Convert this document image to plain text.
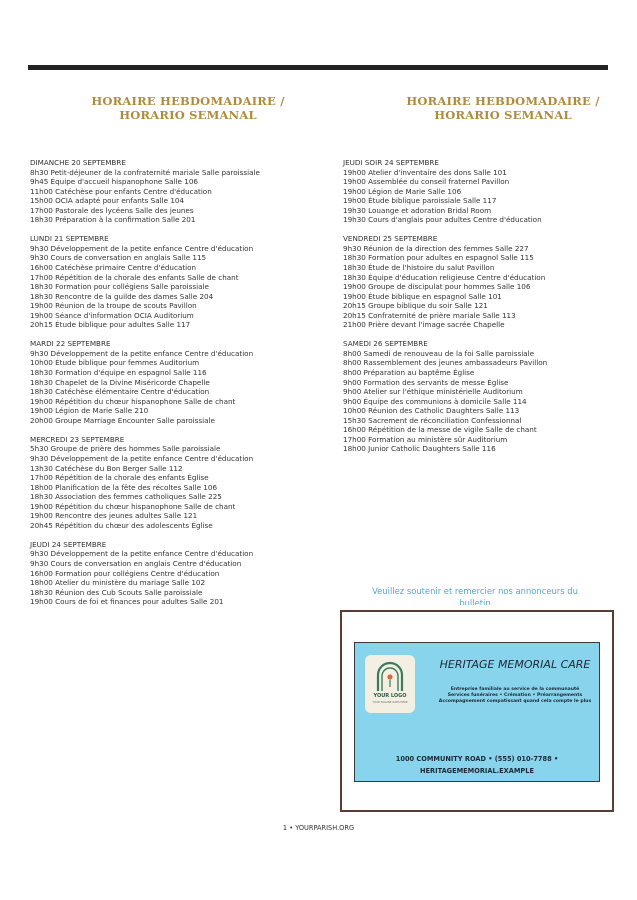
HORAIRE HEBDOMADAIRE / HORARIO SEMANAL
HORAIRE HEBDOMADAIRE / HORARIO SEMANAL
DIMANCHE 20 SEPTEMBRE
8h30 Petit-déjeuner de la confraternité mariale Salle paroissiale
9h45 Équipe d'accueil hispanophone Salle 106
11h00 Catéchèse pour enfants Centre d'éducation
15h00 OCIA adapté pour enfants Salle 104
17h00 Pastorale des lycéens Salle des jeunes
18h30 Préparation à la confirmation Salle 201
LUNDI 21 SEPTEMBRE
9h30 Développement de la petite enfance Centre d'éducation
9h30 Cours de conversation en anglais Salle 115
16h00 Catéchèse primaire Centre d'éducation
17h00 Répétition de la chorale des enfants Salle de chant
18h30 Formation pour collégiens Salle paroissiale
18h30 Rencontre de la guilde des dames Salle 204
19h00 Réunion de la troupe de scouts Pavillon
19h00 Séance d'information OCIA Auditorium
20h15 Étude biblique pour adultes Salle 117
MARDI 22 SEPTEMBRE
9h30 Développement de la petite enfance Centre d'éducation
10h00 Étude biblique pour femmes Auditorium
18h30 Formation d'équipe en espagnol Salle 116
18h30 Chapelet de la Divine Miséricorde Chapelle
18h30 Catéchèse élémentaire Centre d'éducation
19h00 Répétition du chœur hispanophone Salle de chant
19h00 Légion de Marie Salle 210
20h00 Groupe Marriage Encounter Salle paroissiale
MERCREDI 23 SEPTEMBRE
5h30 Groupe de prière des hommes Salle paroissiale
9h30 Développement de la petite enfance Centre d'éducation
13h30 Catéchèse du Bon Berger Salle 112
17h00 Répétition de la chorale des enfants Église
18h00 Planification de la fête des récoltes Salle 106
18h30 Association des femmes catholiques Salle 225
19h00 Répétition du chœur hispanophone Salle de chant
19h00 Rencontre des jeunes adultes Salle 121
20h45 Répétition du chœur des adolescents Église
JEUDI 24 SEPTEMBRE
9h30 Développement de la petite enfance Centre d'éducation
9h30 Cours de conversation en anglais Centre d'éducation
16h00 Formation pour collégiens Centre d'éducation
18h00 Atelier du ministère du mariage Salle 102
18h30 Réunion des Cub Scouts Salle paroissiale
19h00 Cours de foi et finances pour adultes Salle 201
JEUDI SOIR 24 SEPTEMBRE
19h00 Atelier d'inventaire des dons Salle 101
19h00 Assemblée du conseil fraternel Pavillon
19h00 Légion de Marie Salle 106
19h00 Étude biblique paroissiale Salle 117
19h30 Louange et adoration Bridal Room
19h30 Cours d'anglais pour adultes Centre d'éducation
VENDREDI 25 SEPTEMBRE
9h30 Réunion de la direction des femmes Salle 227
18h30 Formation pour adultes en espagnol Salle 115
18h30 Étude de l'histoire du salut Pavillon
18h30 Équipe d'éducation religieuse Centre d'éducation
19h00 Groupe de discipulat pour hommes Salle 106
19h00 Étude biblique en espagnol Salle 101
20h15 Groupe biblique du soir Salle 121
20h15 Confraternité de prière mariale Salle 113
21h00 Prière devant l'image sacrée Chapelle
SAMEDI 26 SEPTEMBRE
8h00 Samedi de renouveau de la foi Salle paroissiale
8h00 Rassemblement des jeunes ambassadeurs Pavillon
8h00 Préparation au baptême Église
9h00 Formation des servants de messe Église
9h00 Atelier sur l'éthique ministérielle Auditorium
9h00 Équipe des communions à domicile Salle 114
10h00 Réunion des Catholic Daughters Salle 113
15h30 Sacrement de réconciliation Confessionnal
16h00 Répétition de la messe de vigile Salle de chant
17h00 Formation au ministère sûr Auditorium
18h00 Junior Catholic Daughters Salle 116
Veuillez soutenir et remercier nos annonceurs du bulletin
YOUR LOGO
YOUR TAGLINE GOES HERE
HERITAGE MEMORIAL CARE
Entreprise familiale au service de la communauté
Services funéraires • Crémation • Préarrangements
Accompagnement compatissant quand cela compte le plus
1000 COMMUNITY ROAD • (555) 010-7788 •
HERITAGEMEMORIAL.EXAMPLE
1 • YOURPARISH.ORG
